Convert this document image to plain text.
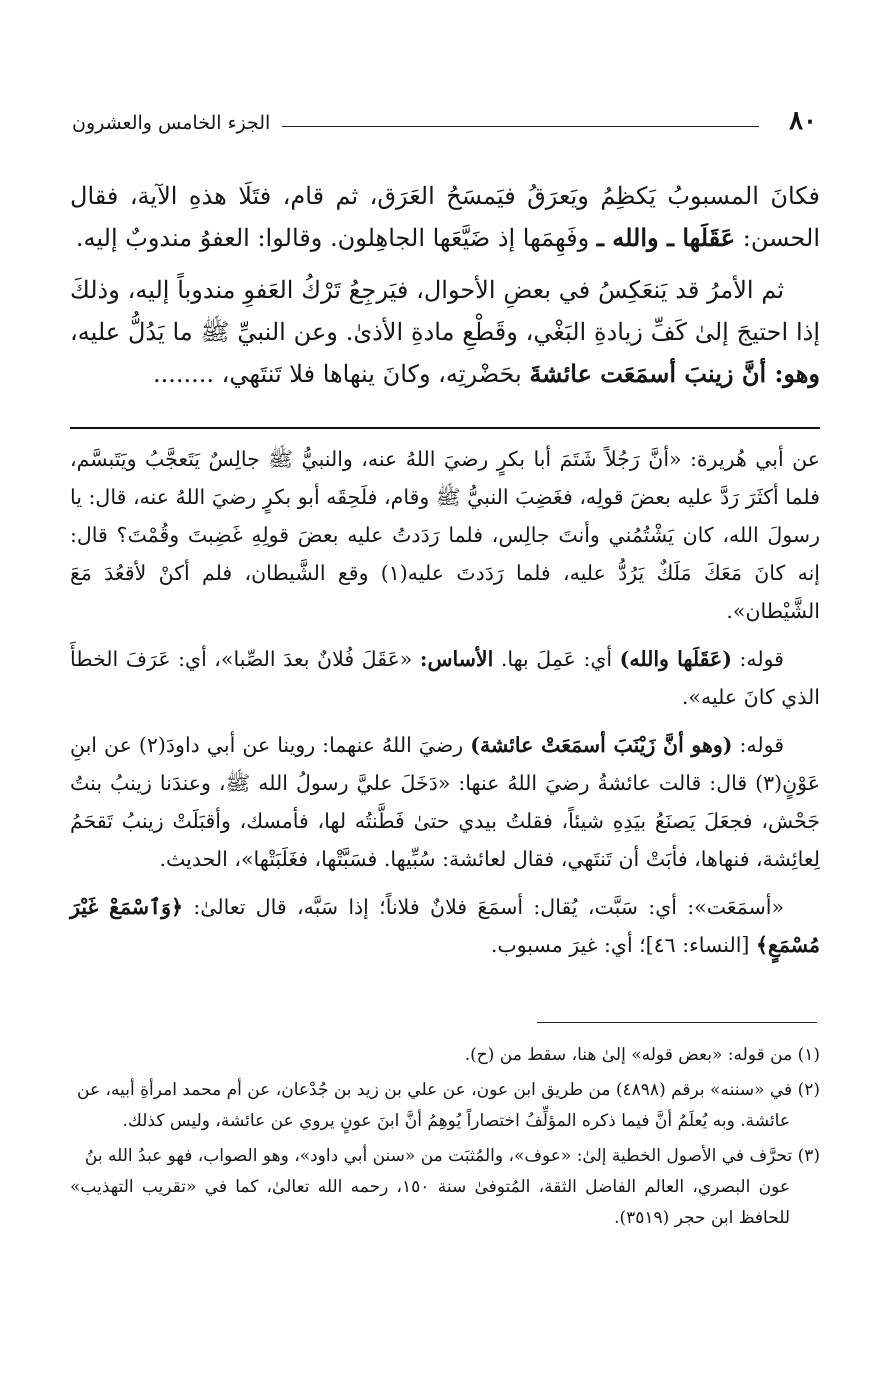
الجزء الخامس والعشرون	٨٠

فكانَ المسبوبُ يَكظِمُ ويَعرَقُ فيَمسَحُ العَرَق، ثم قام، فتَلَا هذهِ الآية، فقال الحسن: عَقَلَها ـ والله ـ وفَهِمَها إذ ضَيَّعَها الجاهِلون. وقالوا: العفوُ مندوبٌ إليه.

ثم الأمرُ قد يَنعَكِسُ في بعضِ الأحوال، فيَرجِعُ تَرْكُ العَفوِ مندوباً إليه، وذلكَ إذا احتيجَ إلىٰ كَفِّ زيادةِ البَغْي، وقَطْعِ مادةِ الأذىٰ. وعن النبيِّ ﷺ ما يَدُلُّ عليه، وهو: أنَّ زينبَ أسمَعَت عائشةَ بحَضْرتِه، وكانَ ينهاها فلا تَنتَهي، ........

عن أبي هُريرة: «أنَّ رَجُلاً شَتَمَ أبا بكرٍ رضيَ اللهُ عنه، والنبيُّ ﷺ جالِسٌ يَتَعجَّبُ ويَتَبسَّم، فلما أكثَرَ رَدَّ عليه بعضَ قولِه، فغَضِبَ النبيُّ ﷺ وقام، فلَحِقَه أبو بكرٍ رضيَ اللهُ عنه، قال: يا رسولَ الله، كان يَشْتُمُني وأنتَ جالِس، فلما رَدَدتُ عليه بعضَ قولِهِ غَضِبتَ وقُمْتَ؟ قال: إنه كانَ مَعَكَ مَلَكٌ يَرُدُّ عليه، فلما رَدَدتَ عليه(١) وقع الشَّيطان، فلم أكنْ لأقعُدَ مَعَ الشَّيْطان».

قوله: (عَقَلَها والله) أي: عَمِلَ بها. الأساس: «عَقَلَ فُلانٌ بعدَ الصِّبا»، أي: عَرَفَ الخطأَ الذي كانَ عليه».

قوله: (وهو أنَّ زَيْنَبَ أسمَعَتْ عائشة) رضيَ اللهُ عنهما: روينا عن أبي داودَ(٢) عن ابنِ عَوْنٍ(٣) قال: قالت عائشةُ رضيَ اللهُ عنها: «دَخَلَ عليَّ رسولُ الله ﷺ، وعندَنا زينبُ بنتُ جَحْش، فجعَلَ يَصنَعُ بيَدِهِ شيئاً، فقلتُ بيدي حتىٰ فَطَّنتُه لها، فأمسك، وأقبَلَتْ زينبُ تَقحَمُ لِعائِشة، فنهاها، فأبَتْ أن تَنتَهي، فقال لعائشة: سُبِّيها. فسَبَّتْها، فغَلَبَتْها»، الحديث.

«أسمَعَت»: أي: سَبَّت، يُقال: أسمَعَ فلانٌ فلاناً؛ إذا سَبَّه، قال تعالىٰ: ﴿وَٱسْمَعْ غَيْرَ مُسْمَعٍ﴾ [النساء: ٤٦]؛ أي: غيرَ مسبوب.

(١) من قوله: «بعض قوله» إلىٰ هنا، سقط من (ح).

(٢) في «سننه» برقم (٤٨٩٨) من طريق ابن عون، عن علي بن زيد بن جُدْعان، عن أم محمد امرأةِ أبيه، عن
عائشة. وبه يُعلَمُ أنَّ فيما ذكره المؤلِّفُ اختصاراً يُوهِمُ أنَّ ابنَ عونٍ يروي عن عائشة، وليس كذلك.

(٣) تحرَّف في الأصول الخطية إلىٰ: «عوف»، والمُثبَت من «سنن أبي داود»، وهو الصواب، فهو عبدُ الله بنُ
عون البصري، العالم الفاضل الثقة، المُتوفىٰ سنة ١٥٠، رحمه الله تعالىٰ، كما في «تقريب التهذيب» للحافظ ابن حجر (٣٥١٩).
